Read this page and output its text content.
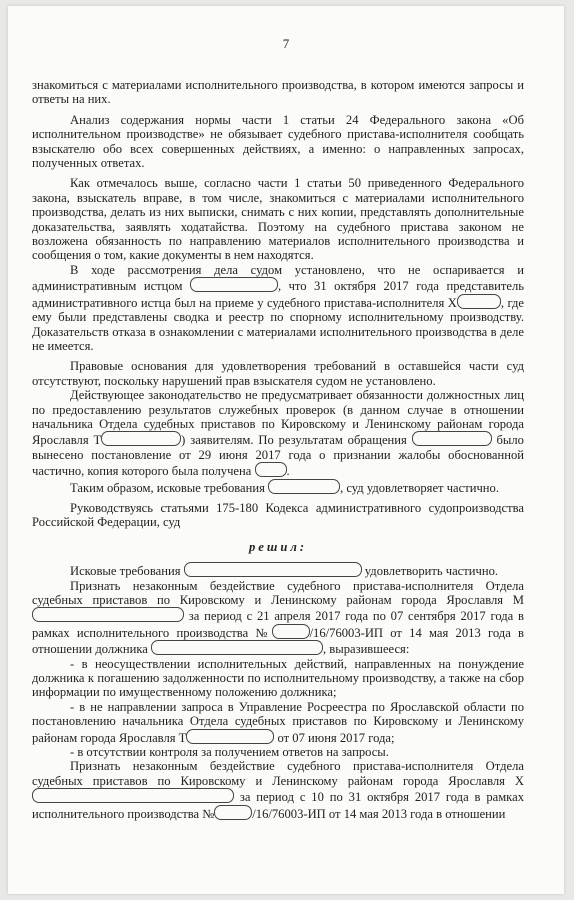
7

знакомиться с материалами исполнительного производства, в котором имеются запросы и ответы на них.

Анализ содержания нормы части 1 статьи 24 Федерального закона «Об исполнительном производстве» не обязывает судебного пристава-исполнителя сообщать взыскателю обо всех совершенных действиях, а именно: о направленных запросах, полученных ответах.

Как отмечалось выше, согласно части 1 статьи 50 приведенного Федерального закона, взыскатель вправе, в том числе, знакомиться с материалами исполнительного производства, делать из них выписки, снимать с них копии, представлять дополнительные доказательства, заявлять ходатайства. Поэтому на судебного пристава законом не возложена обязанность по направлению материалов исполнительного производства и сообщения о том, какие документы в нем находятся.

В ходе рассмотрения дела судом установлено, что не оспаривается и административным истцом	, что 31 октября 2017 года представитель административного истца был на приеме у судебного пристава-исполнителя Х	, где ему были представлены сводка и реестр по спорному исполнительному производству. Доказательств отказа в ознакомлении с материалами исполнительного производства в деле не имеется.

Правовые основания для удовлетворения требований в оставшейся части суд отсутствуют, поскольку нарушений прав взыскателя судом не установлено.

Действующее законодательство не предусматривает обязанности должностных лиц по предоставлению результатов служебных проверок (в данном случае в отношении начальника Отдела судебных приставов по Кировскому и Ленинскому районам города Ярославля Т	) заявителям. По результатам обращения	было вынесено постановление от 29 июня 2017 года о признании жалобы обоснованной частично, копия которого была получена	.

Таким образом, исковые требования	, суд удовлетворяет частично.

Руководствуясь статьями 175-180 Кодекса административного судопроизводства Российской Федерации, суд

решил:

Исковые требования	удовлетворить частично.

Признать незаконным бездействие судебного пристава-исполнителя Отдела судебных приставов по Кировскому и Ленинскому районам города Ярославля М за период с 21 апреля 2017 года по 07 сентября 2017 года в рамках исполнительного производства №	/16/76003-ИП от 14 мая 2013 года в отношении должника	, выразившееся:

- в неосуществлении исполнительных действий, направленных на понуждение должника к погашению задолженности по исполнительному производству, а также на сбор информации по имущественному положению должника;

- в не направлении запроса в Управление Росреестра по Ярославской области по постановлению начальника Отдела судебных приставов по Кировскому и Ленинскому районам города Ярославля Т	от 07 июня 2017 года;

- в отсутствии контроля за получением ответов на запросы.

Признать незаконным бездействие судебного пристава-исполнителя Отдела судебных приставов по Кировскому и Ленинскому районам города Ярославля Х за период с 10 по 31 октября 2017 года в рамках исполнительного производства №	/16/76003-ИП от 14 мая 2013 года в отношении
